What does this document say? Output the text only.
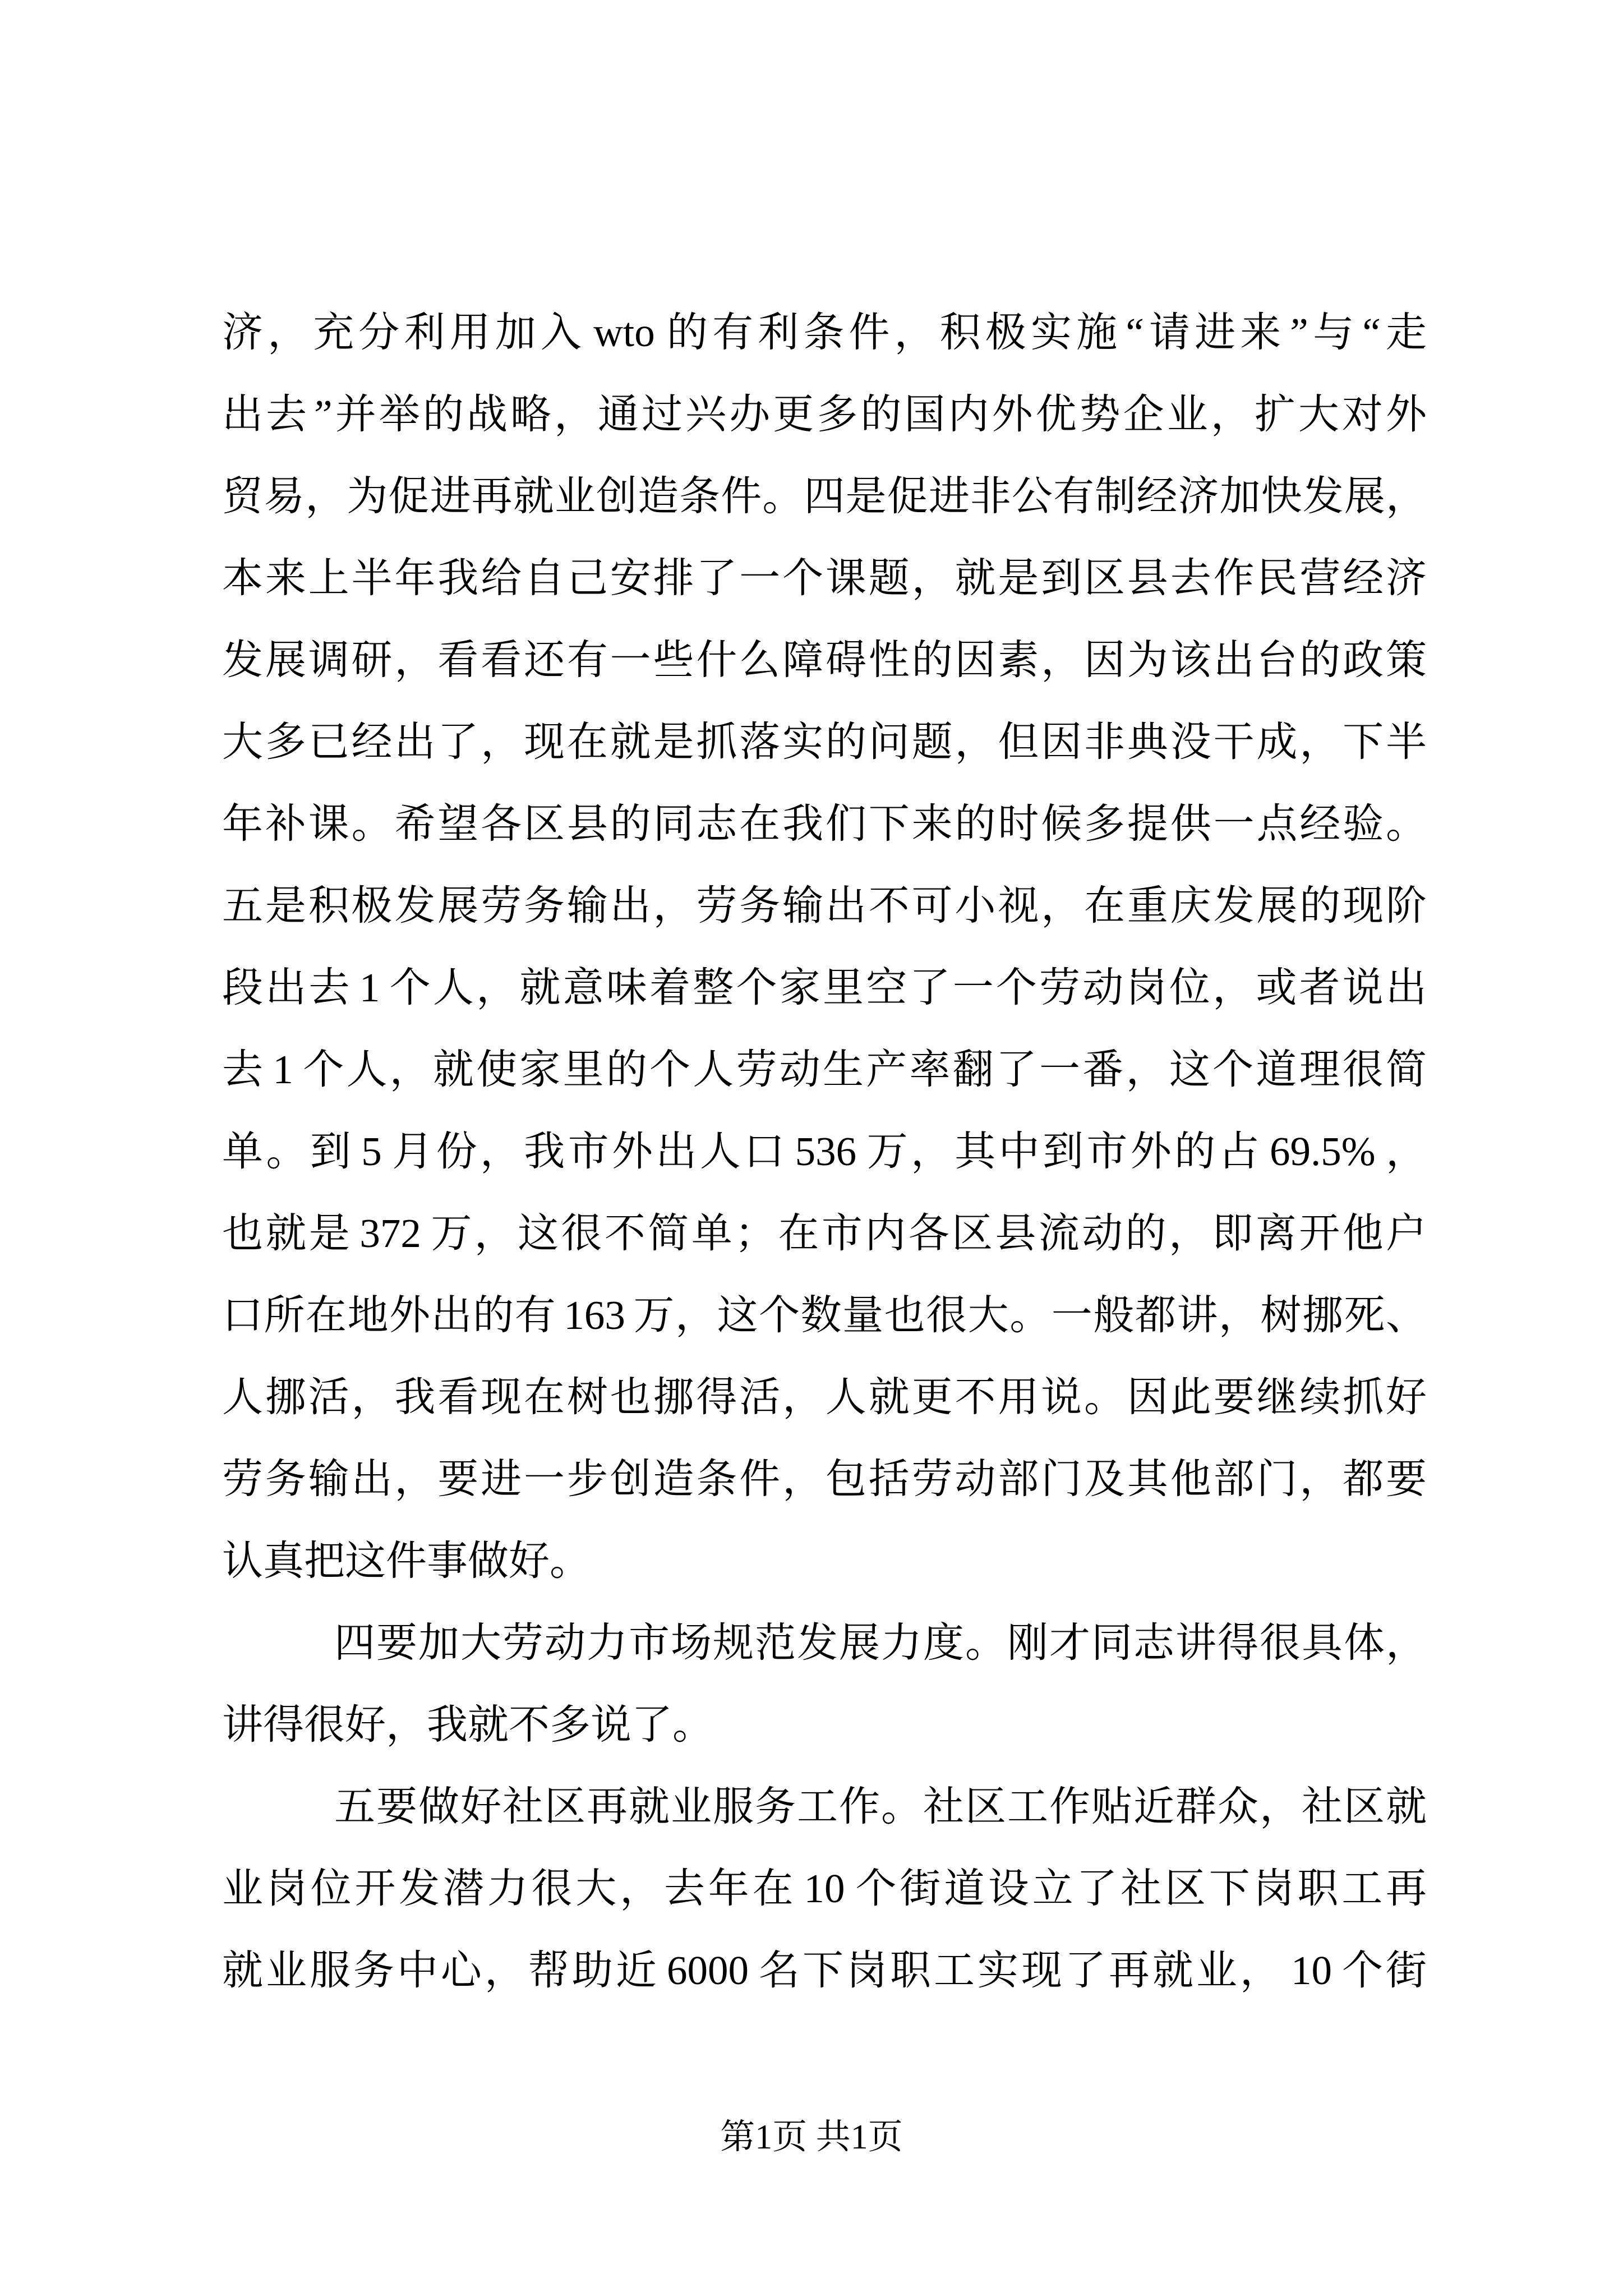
济，充分利用加入 wto 的有利条件，积极实施“请进来”与“走
出去”并举的战略，通过兴办更多的国内外优势企业，扩大对外
贸易，为促进再就业创造条件。四是促进非公有制经济加快发展，
本来上半年我给自己安排了一个课题，就是到区县去作民营经济
发展调研，看看还有一些什么障碍性的因素，因为该出台的政策
大多已经出了，现在就是抓落实的问题，但因非典没干成，下半
年补课。希望各区县的同志在我们下来的时候多提供一点经验。
五是积极发展劳务输出，劳务输出不可小视，在重庆发展的现阶
段出去 1 个人，就意味着整个家里空了一个劳动岗位，或者说出
去 1 个人，就使家里的个人劳动生产率翻了一番，这个道理很简
单。到 5 月份，我市外出人口 536 万，其中到市外的占 69.5% ，
也就是 372 万，这很不简单；在市内各区县流动的，即离开他户
口所在地外出的有 163 万，这个数量也很大。一般都讲，树挪死、
人挪活，我看现在树也挪得活，人就更不用说。因此要继续抓好
劳务输出，要进一步创造条件，包括劳动部门及其他部门，都要
认真把这件事做好。
四要加大劳动力市场规范发展力度。刚才同志讲得很具体，
讲得很好，我就不多说了。
五要做好社区再就业服务工作。社区工作贴近群众，社区就
业岗位开发潜力很大，去年在 10 个街道设立了社区下岗职工再
就业服务中心，帮助近 6000 名下岗职工实现了再就业， 10 个街
第1页 共1页
